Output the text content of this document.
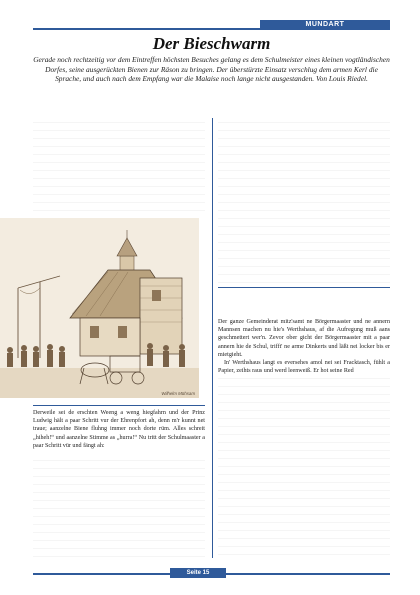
MUNDART
Der Bieschwarm
Gerade noch rechtzeitig vor dem Eintreffen höchsten Besuches gelang es dem Schulmeister eines kleinen vogtländischen Dorfes, seine ausgerückten Bienen zur Räson zu bringen. Der überstürzte Einsatz verschlug dem armen Kerl die Sprache, und auch nach dem Empfang war die Malaise noch lange nicht ausgestanden. Von Louis Riedel.
Wilhelm Mühsam

Derweile sei de erschten Weeng a weng hiegfahrn und der Prinz Ludwig hält a paar Schritt vur der Ehrenpfort ah, denn m'r kunnt net traue; aanzelne Biene fluhng immer noch dorte rüm. Alles schreit „hiheh!“ und aanzelne Stimme as „hurra!“ Nu tritt der Schulmaaster a paar Schritt vür und fängt ah:

Der ganze Gemeinderat mitz'samt ne Börgermaaster und ne annern Mannsen machen nu hie's Werthshaus, af die Aufregung muß aans geschmettert wer'n. Zevor ober gicht der Börgermaaster mit a paar annern hie de Schul, trifft' ne arme Dinkerts und läßt nei locker bis er mietgieht.

In' Werthshaus langt es eversehes amol nei sei Fracktasch, fühlt a Papier, zeihts raus und werd leenweiß. Er hot seine Red

Seite 15
